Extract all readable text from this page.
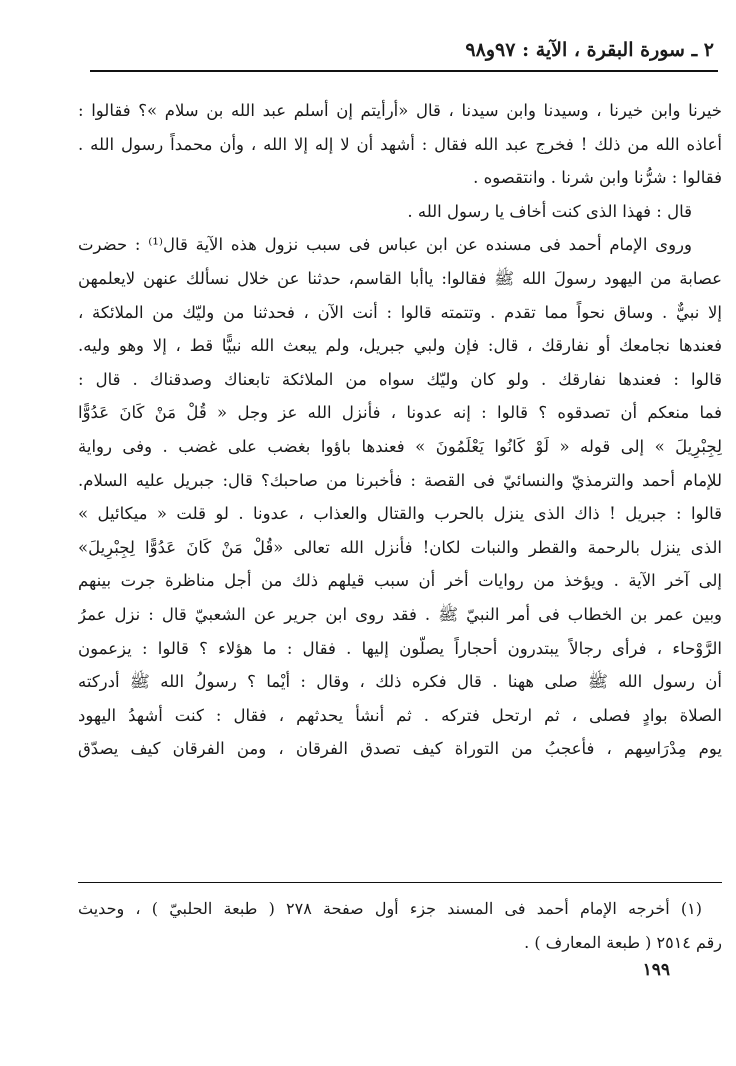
٢ ـ سورة البقرة ، الآية : ٩٧و٩٨
خيرنا وابن خيرنا ، وسيدنا وابن سيدنا ، قال «أرأيتم إن أسلم عبد الله بن سلام »؟ فقالوا :
أعاذه الله من ذلك ! فخرج عبد الله فقال : أشهد أن لا إله إلا الله ، وأن محمداً رسول الله .
فقالوا : شرُّنا وابن شرنا . وانتقصوه .
قال : فهذا الذى كنت أخاف يا رسول الله .
وروى الإمام أحمد فى مسنده عن ابن عباس فى سبب نزول هذه الآية قال⁽¹⁾ : حضرت
عصابة من اليهود رسولَ الله ﷺ فقالوا: ياأبا القاسم، حدثنا عن خلال نسألك عنهن لايعلمهن
إلا نبيٌّ . وساق نحواً مما تقدم . وتتمته قالوا : أنت الآن ، فحدثنا من وليّك من الملائكة ،
فعندها نجامعك أو نفارقك ، قال: فإن ولبي جبريل، ولم يبعث الله نبيًّا قط ، إلا وهو وليه.
قالوا : فعندها نفارقك . ولو كان وليّك سواه من الملائكة تابعناك وصدقناك . قال :
فما منعكم أن تصدقوه ؟ قالوا : إنه عدونا ، فأنزل الله عز وجل « قُلْ مَنْ كَانَ عَدُوًّا
لِجِبْرِيلَ » إلى قوله « لَوْ كَانُوا يَعْلَمُونَ » فعندها باؤوا بغضب على غضب . وفى رواية
للإمام أحمد والترمذيّ والنسائيّ فى القصة : فأخبرنا من صاحبك؟ قال: جبريل عليه السلام.
قالوا : جبريل ! ذاك الذى ينزل بالحرب والقتال والعذاب ، عدونا . لو قلت « ميكائيل »
الذى ينزل بالرحمة والقطر والنبات لكان! فأنزل الله تعالى «قُلْ مَنْ كَانَ عَدُوًّا لِجِبْرِيلَ»
إلى آخر الآية . ويؤخذ من روايات أخر أن سبب قيلهم ذلك من أجل مناظرة جرت بينهم
وبين عمر بن الخطاب فى أمر النبيّ ﷺ . فقد روى ابن جرير عن الشعبيّ قال : نزل عمرُ
الرَّوْحاء ، فرأى رجالاً يبتدرون أحجاراً يصلّون إليها . فقال : ما هؤلاء ؟ قالوا : يزعمون
أن رسول الله ﷺ صلى ههنا . قال فكره ذلك ، وقال : أيْما ؟ رسولُ الله ﷺ أدركته
الصلاة بوادٍ فصلى ، ثم ارتحل فتركه . ثم أنشأ يحدثهم ، فقال : كنت أشهدُ اليهود
يوم مِدْرَاسِهم ، فأعجبُ من التوراة كيف تصدق الفرقان ، ومن الفرقان كيف يصدّق
(١) أخرجه الإمام أحمد فى المسند جزء أول صفحة ٢٧٨ ( طبعة الحلبيّ ) ، وحديث
رقم ٢٥١٤ ( طبعة المعارف ) .
١٩٩
